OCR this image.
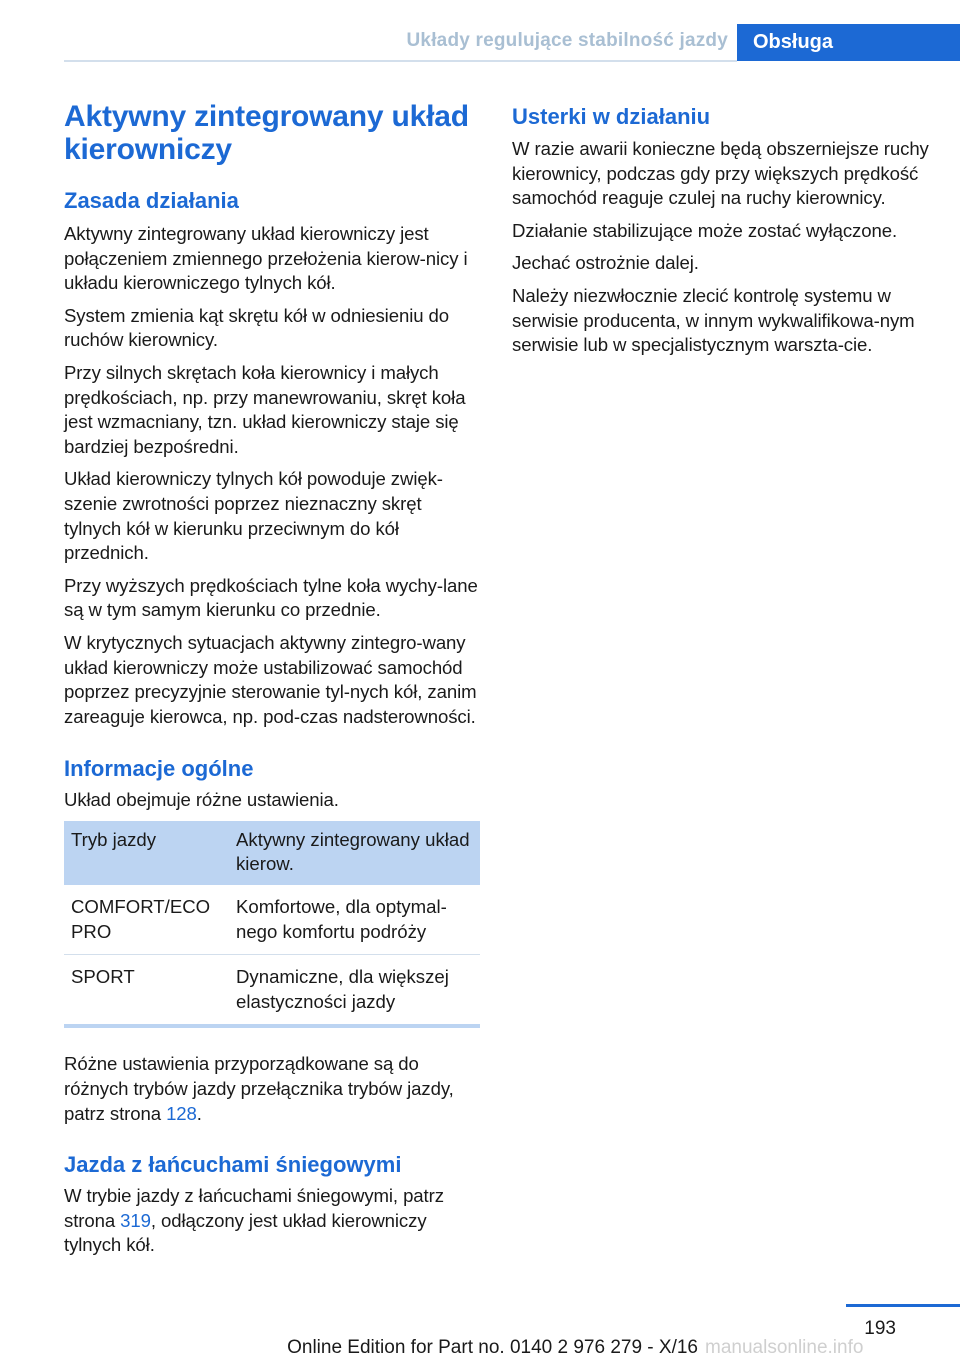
Układy regulujące stabilność jazdy	Obsługa
Aktywny zintegrowany układ kierowniczy
Zasada działania

Aktywny zintegrowany układ kierowniczy jest połączeniem zmiennego przełożenia kierow-nicy i układu kierowniczego tylnych kół.

System zmienia kąt skrętu kół w odniesieniu do ruchów kierownicy.

Przy silnych skrętach koła kierownicy i małych prędkościach, np. przy manewrowaniu, skręt koła jest wzmacniany, tzn. układ kierowniczy staje się bardziej bezpośredni.

Układ kierowniczy tylnych kół powoduje zwięk-szenie zwrotności poprzez nieznaczny skręt tylnych kół w kierunku przeciwnym do kół przednich.

Przy wyższych prędkościach tylne koła wychy-lane są w tym samym kierunku co przednie.

W krytycznych sytuacjach aktywny zintegro-wany układ kierowniczy może ustabilizować samochód poprzez precyzyjnie sterowanie tyl-nych kół, zanim zareaguje kierowca, np. pod-czas nadsterowności.

Informacje ogólne

Układ obejmuje różne ustawienia.

Tryb jazdy	Aktywny zintegrowany układ kierow.
COMFORT/ECO PRO	Komfortowe, dla optymal-nego komfortu podróży
SPORT	Dynamiczne, dla większej elastyczności jazdy

Różne ustawienia przyporządkowane są do różnych trybów jazdy przełącznika trybów jazdy, patrz strona 128.

Jazda z łańcuchami śniegowymi

W trybie jazdy z łańcuchami śniegowymi, patrz strona 319, odłączony jest układ kierowniczy tylnych kół.

Usterki w działaniu

W razie awarii konieczne będą obszerniejsze ruchy kierownicy, podczas gdy przy większych prędkość samochód reaguje czulej na ruchy kierownicy.

Działanie stabilizujące może zostać wyłączone.

Jechać ostrożnie dalej.

Należy niezwłocznie zlecić kontrolę systemu w serwisie producenta, w innym wykwalifikowa-nym serwisie lub w specjalistycznym warszta-cie.

193
Online Edition for Part no. 0140 2 976 279 - X/16 manualsonline.info
